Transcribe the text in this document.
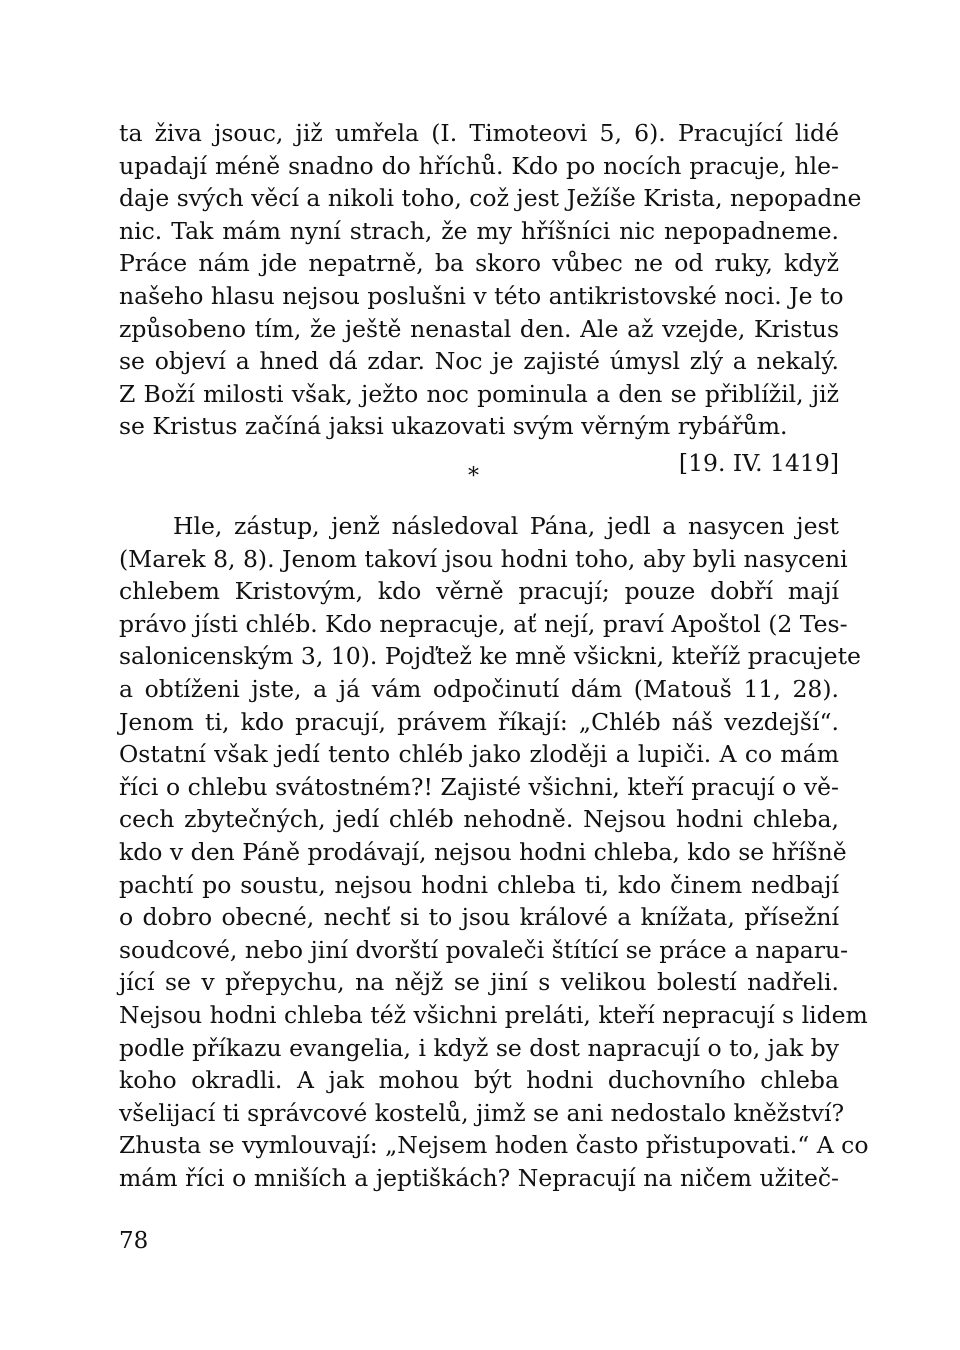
ta živa jsouc, již umřela (I. Timoteovi 5, 6). Pracující lidé
upadají méně snadno do hříchů. Kdo po nocích pracuje, hle-
daje svých věcí a nikoli toho, což jest Ježíše Krista, nepopadne
nic. Tak mám nyní strach, že my hříšníci nic nepopadneme.
Práce nám jde nepatrně, ba skoro vůbec ne od ruky, když
našeho hlasu nejsou poslušni v této antikristovské noci. Je to
způsobeno tím, že ještě nenastal den. Ale až vzejde, Kristus
se objeví a hned dá zdar. Noc je zajisté úmysl zlý a nekalý.
Z Boží milosti však, ježto noc pominula a den se přiblížil, již
se Kristus začíná jaksi ukazovati svým věrným rybářům.
[19. IV. 1419]
*
Hle, zástup, jenž následoval Pána, jedl a nasycen jest
(Marek 8, 8). Jenom takoví jsou hodni toho, aby byli nasyceni
chlebem Kristovým, kdo věrně pracují; pouze dobří mají
právo jísti chléb. Kdo nepracuje, ať nejí, praví Apoštol (2 Tes-
salonicenským 3, 10). Pojďtež ke mně všickni, kteříž pracujete
a obtíženi jste, a já vám odpočinutí dám (Matouš 11, 28).
Jenom ti, kdo pracují, právem říkají: „Chléb náš vezdejší“.
Ostatní však jedí tento chléb jako zloději a lupiči. A co mám
říci o chlebu svátostném?! Zajisté všichni, kteří pracují o vě-
cech zbytečných, jedí chléb nehodně. Nejsou hodni chleba,
kdo v den Páně prodávají, nejsou hodni chleba, kdo se hříšně
pachtí po soustu, nejsou hodni chleba ti, kdo činem nedbají
o dobro obecné, nechť si to jsou králové a knížata, přísežní
soudcové, nebo jiní dvorští povaleči štítící se práce a naparu-
jící se v přepychu, na nějž se jiní s velikou bolestí nadřeli.
Nejsou hodni chleba též všichni preláti, kteří nepracují s lidem
podle příkazu evangelia, i když se dost napracují o to, jak by
koho okradli. A jak mohou být hodni duchovního chleba
všelijací ti správcové kostelů, jimž se ani nedostalo kněžství?
Zhusta se vymlouvají: „Nejsem hoden často přistupovati.“ A co
mám říci o mniších a jeptiškách? Nepracují na ničem užiteč-
78
